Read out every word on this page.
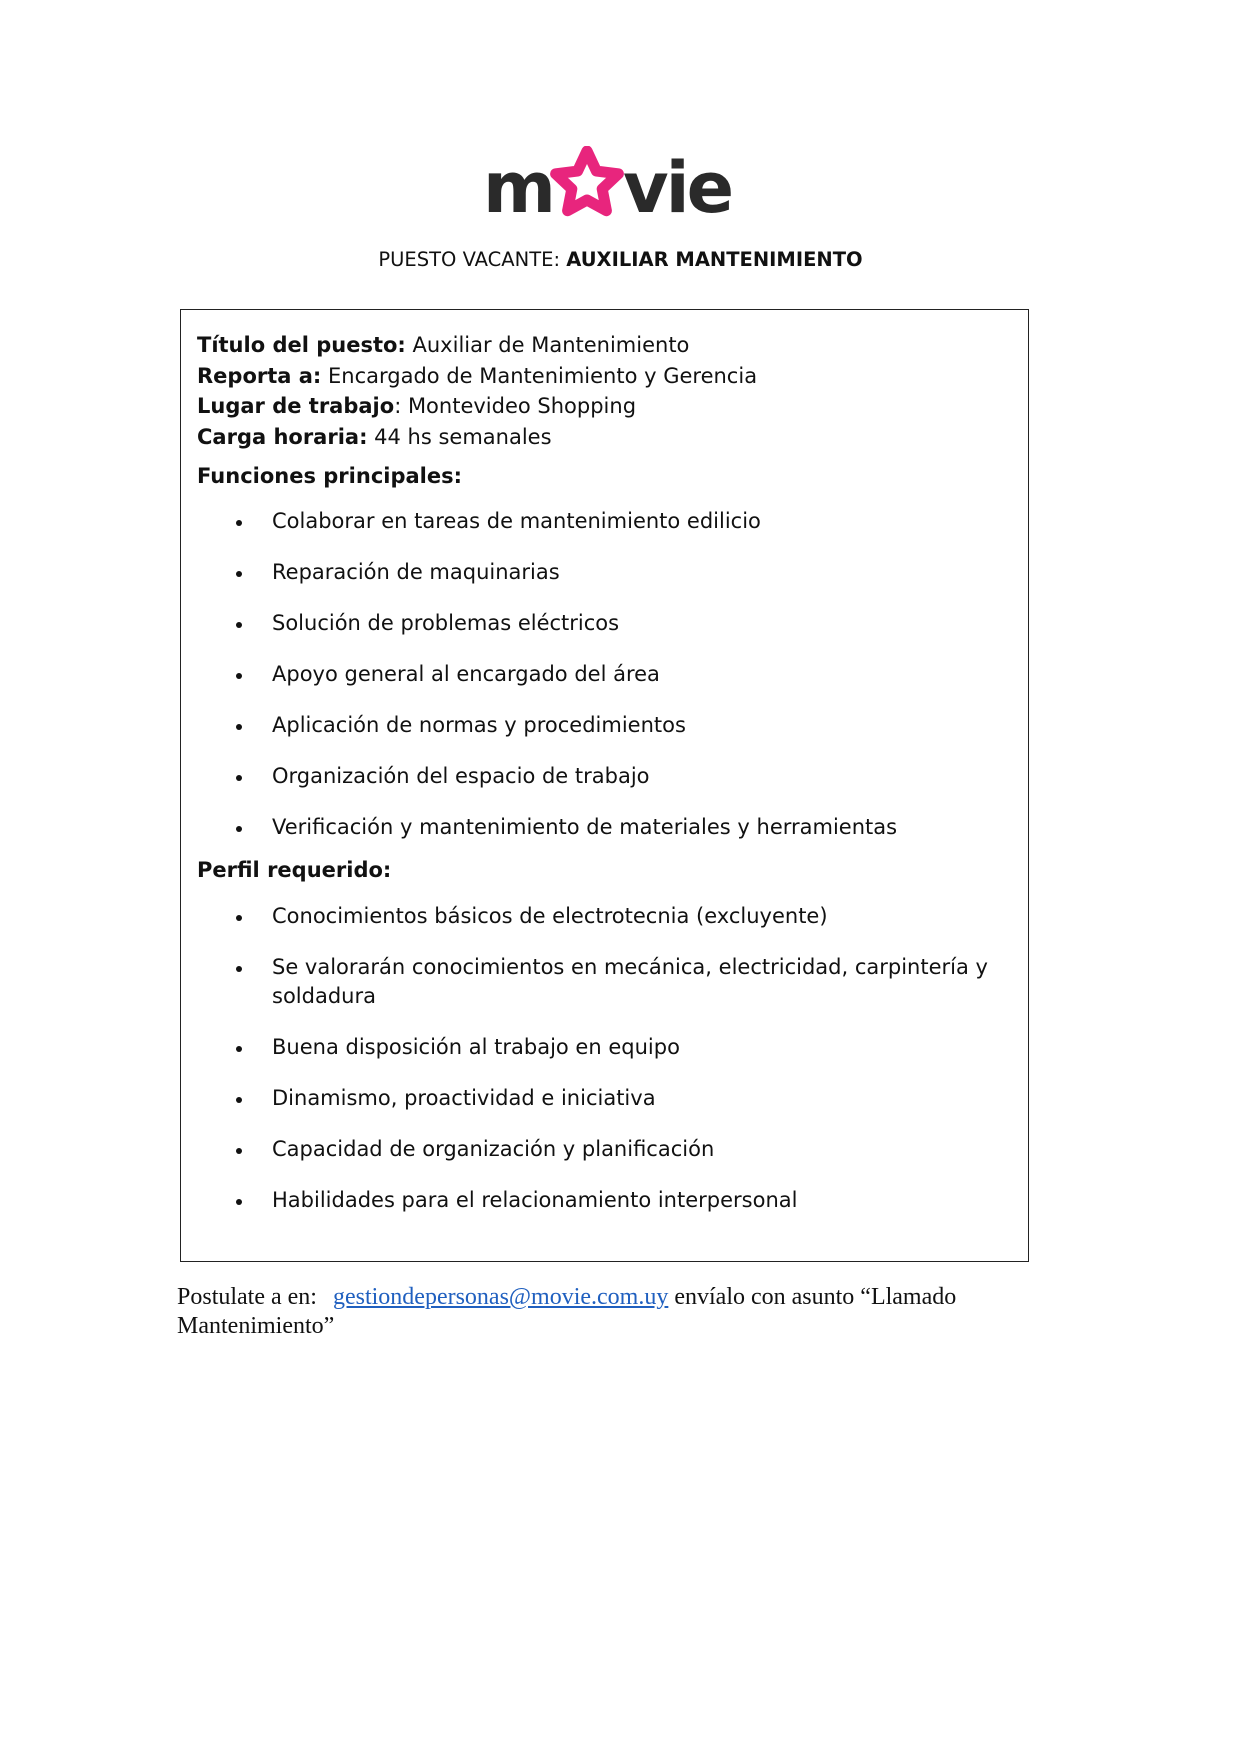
m vie
PUESTO VACANTE: AUXILIAR MANTENIMIENTO
Título del puesto: Auxiliar de Mantenimiento
Reporta a: Encargado de Mantenimiento y Gerencia
Lugar de trabajo: Montevideo Shopping
Carga horaria: 44 hs semanales
Funciones principales:
Colaborar en tareas de mantenimiento edilicio
Reparación de maquinarias
Solución de problemas eléctricos
Apoyo general al encargado del área
Aplicación de normas y procedimientos
Organización del espacio de trabajo
Verificación y mantenimiento de materiales y herramientas
Perfil requerido:
Conocimientos básicos de electrotecnia (excluyente)
Se valorarán conocimientos en mecánica, electricidad, carpintería y soldadura
Buena disposición al trabajo en equipo
Dinamismo, proactividad e iniciativa
Capacidad de organización y planificación
Habilidades para el relacionamiento interpersonal
Postulate a en: gestiondepersonas@movie.com.uy envíalo con asunto “Llamado Mantenimiento”
